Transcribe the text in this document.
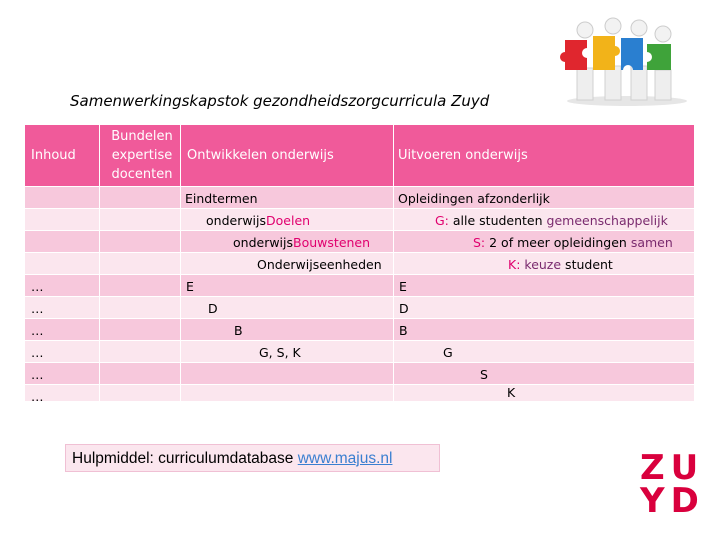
Samenwerkingskapstok gezondheidszorgcurricula Zuyd
Inhoud
Bundelen
expertise
docenten
Ontwikkelen onderwijs	Uitvoeren onderwijs
…
…
…
…
…
…
Eindtermen
onderwijsDoelen
onderwijsBouwstenen
Onderwijseenheden
E
D
B
G, S, K
Opleidingen afzonderlijk
G: alle studenten gemeenschappelijk
S: 2 of meer opleidingen samen
K: keuze student
E
D
B
G
S
K
Hulpmiddel: curriculumdatabase www.majus.nl	ZU
YD
